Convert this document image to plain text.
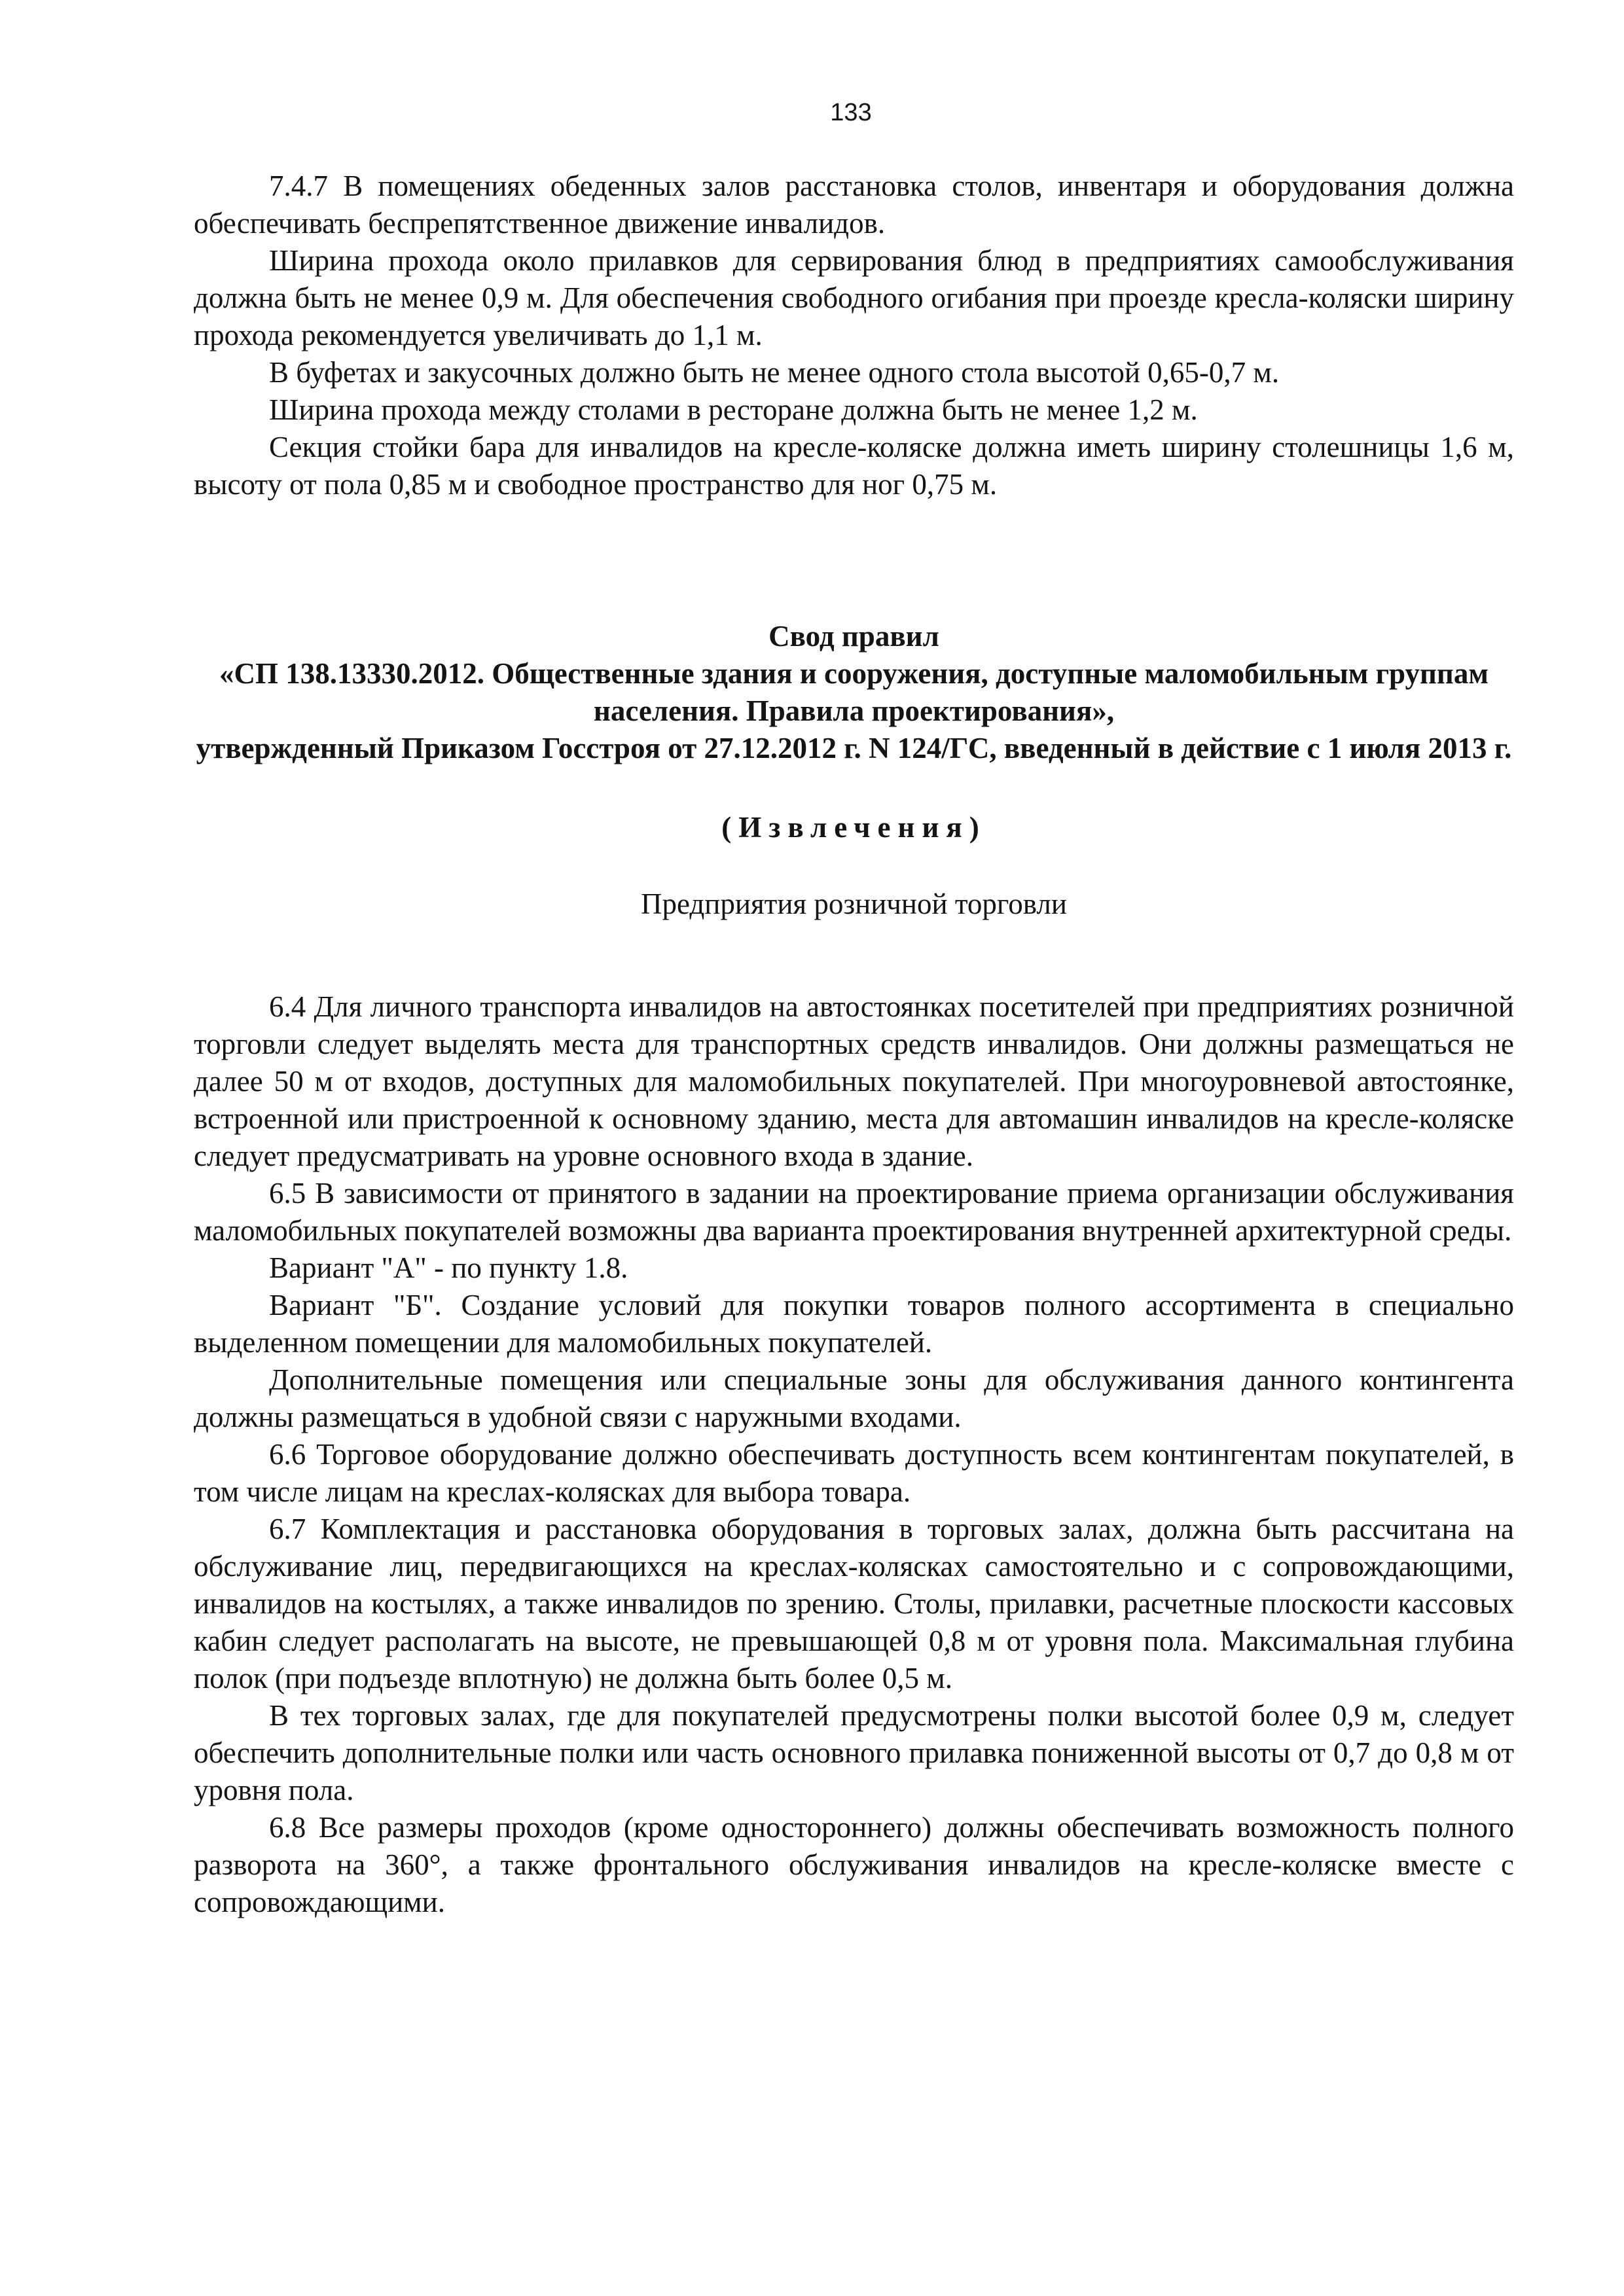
133

7.4.7 В помещениях обеденных залов расстановка столов, инвентаря и оборудования должна обеспечивать беспрепятственное движение инвалидов.

Ширина прохода около прилавков для сервирования блюд в предприятиях самообслуживания должна быть не менее 0,9 м. Для обеспечения свободного огибания при проезде кресла-коляски ширину прохода рекомендуется увеличивать до 1,1 м.

В буфетах и закусочных должно быть не менее одного стола высотой 0,65-0,7 м.

Ширина прохода между столами в ресторане должна быть не менее 1,2 м.

Секция стойки бара для инвалидов на кресле-коляске должна иметь ширину столешницы 1,6 м, высоту от пола 0,85 м и свободное пространство для ног 0,75 м.

Свод правил
«СП 138.13330.2012. Общественные здания и сооружения, доступные маломобильным группам населения. Правила проектирования»,
утвержденный Приказом Госстроя от 27.12.2012 г. N 124/ГС, введенный в действие с 1 июля 2013 г.
(Извлечения)
Предприятия розничной торговли

6.4 Для личного транспорта инвалидов на автостоянках посетителей при предприятиях розничной торговли следует выделять места для транспортных средств инвалидов. Они должны размещаться не далее 50 м от входов, доступных для маломобильных покупателей. При многоуровневой автостоянке, встроенной или пристроенной к основному зданию, места для автомашин инвалидов на кресле-коляске следует предусматривать на уровне основного входа в здание.

6.5 В зависимости от принятого в задании на проектирование приема организации обслуживания маломобильных покупателей возможны два варианта проектирования внутренней архитектурной среды.

Вариант "А" - по пункту 1.8.

Вариант "Б". Создание условий для покупки товаров полного ассортимента в специально выделенном помещении для маломобильных покупателей.

Дополнительные помещения или специальные зоны для обслуживания данного контингента должны размещаться в удобной связи с наружными входами.

6.6 Торговое оборудование должно обеспечивать доступность всем контингентам покупателей, в том числе лицам на креслах-колясках для выбора товара.

6.7 Комплектация и расстановка оборудования в торговых залах, должна быть рассчитана на обслуживание лиц, передвигающихся на креслах-колясках самостоятельно и с сопровождающими, инвалидов на костылях, а также инвалидов по зрению. Столы, прилавки, расчетные плоскости кассовых кабин следует располагать на высоте, не превышающей 0,8 м от уровня пола. Максимальная глубина полок (при подъезде вплотную) не должна быть более 0,5 м.

В тех торговых залах, где для покупателей предусмотрены полки высотой более 0,9 м, следует обеспечить дополнительные полки или часть основного прилавка пониженной высоты от 0,7 до 0,8 м от уровня пола.

6.8 Все размеры проходов (кроме одностороннего) должны обеспечивать возможность полного разворота на 360°, а также фронтального обслуживания инвалидов на кресле-коляске вместе с сопровождающими.
